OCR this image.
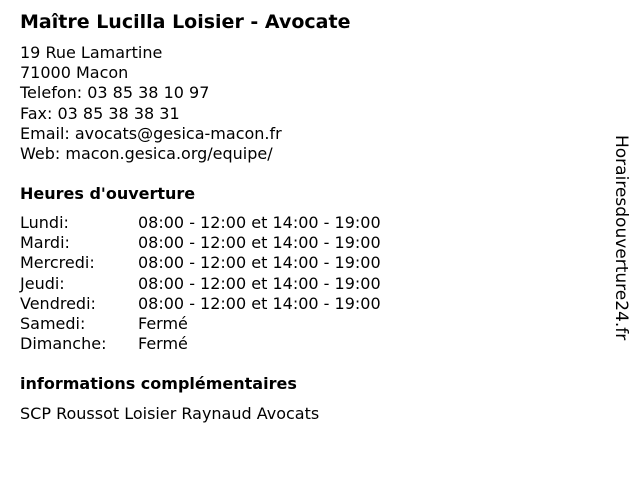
Maître Lucilla Loisier - Avocate
19 Rue Lamartine
71000 Macon
Telefon: 03 85 38 10 97
Fax: 03 85 38 38 31
Email: avocats@gesica-macon.fr
Web: macon.gesica.org/equipe/
Heures d'ouverture
Lundi:	08:00 - 12:00 et 14:00 - 19:00
Mardi:	08:00 - 12:00 et 14:00 - 19:00
Mercredi:	08:00 - 12:00 et 14:00 - 19:00
Jeudi:	08:00 - 12:00 et 14:00 - 19:00
Vendredi:	08:00 - 12:00 et 14:00 - 19:00
Samedi:	Fermé
Dimanche: Fermé
informations complémentaires
SCP Roussot Loisier Raynaud Avocats
Horairesdouverture24.fr
